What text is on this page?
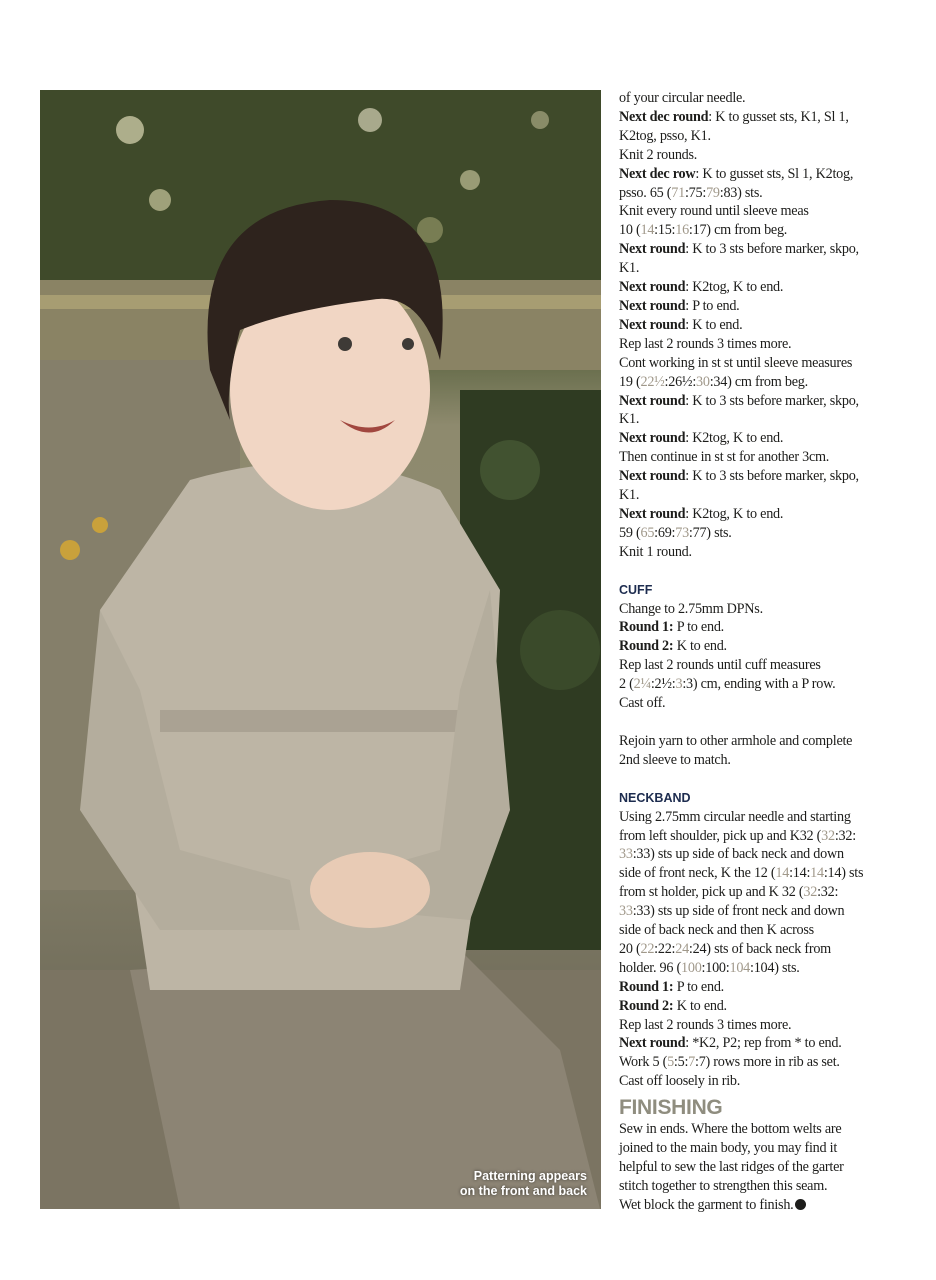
Patterning appears
on the front and back
of your circular needle.
Next dec round: K to gusset sts, K1, Sl 1,
K2tog, psso, K1.
Knit 2 rounds.
Next dec row: K to gusset sts, Sl 1, K2tog,
psso. 65 (71:75:79:83) sts.
Knit every round until sleeve meas
10 (14:15:16:17) cm from beg.
Next round: K to 3 sts before marker, skpo,
K1.
Next round: K2tog, K to end.
Next round: P to end.
Next round: K to end.
Rep last 2 rounds 3 times more.
Cont working in st st until sleeve measures
19 (22½:26½:30:34) cm from beg.
Next round: K to 3 sts before marker, skpo,
K1.
Next round: K2tog, K to end.
Then continue in st st for another 3cm.
Next round: K to 3 sts before marker, skpo,
K1.
Next round: K2tog, K to end.
59 (65:69:73:77) sts.
Knit 1 round.
CUFF
Change to 2.75mm DPNs.
Round 1: P to end.
Round 2: K to end.
Rep last 2 rounds until cuff measures
2 (2¼:2½:3:3) cm, ending with a P row.
Cast off.
Rejoin yarn to other armhole and complete
2nd sleeve to match.
NECKBAND
Using 2.75mm circular needle and starting
from left shoulder, pick up and K32 (32:32:
33:33) sts up side of back neck and down
side of front neck, K the 12 (14:14:14:14) sts
from st holder, pick up and K 32 (32:32:
33:33) sts up side of front neck and down
side of back neck and then K across
20 (22:22:24:24) sts of back neck from
holder. 96 (100:100:104:104) sts.
Round 1: P to end.
Round 2: K to end.
Rep last 2 rounds 3 times more.
Next round: *K2, P2; rep from * to end.
Work 5 (5:5:7:7) rows more in rib as set.
Cast off loosely in rib.
FINISHING
Sew in ends. Where the bottom welts are
joined to the main body, you may find it
helpful to sew the last ridges of the garter
stitch together to strengthen this seam.
Wet block the garment to finish.
